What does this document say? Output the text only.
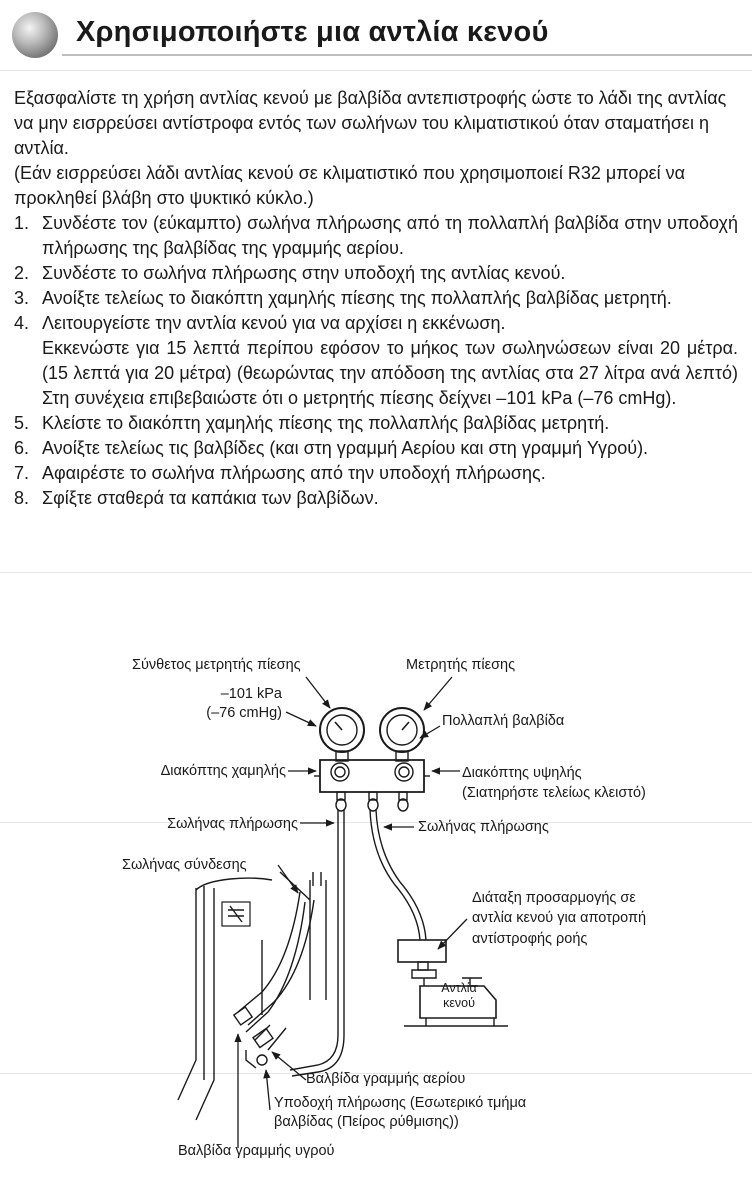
Χρησιμοποιήστε μια αντλία κενού

Εξασφαλίστε τη χρήση αντλίας κενού με βαλβίδα αντεπιστροφής ώστε το λάδι της αντλίας να μην εισρρεύσει αντίστροφα εντός των σωλήνων του κλιματιστικού όταν σταματήσει η αντλία.

(Εάν εισρρεύσει λάδι αντλίας κενού σε κλιματιστικό που χρησιμοποιεί R32 μπορεί να προκληθεί βλάβη στο ψυκτικό κύκλο.)

1. Συνδέστε τον (εύκαμπτο) σωλήνα πλήρωσης από τη πολλαπλή βαλβίδα στην υποδοχή πλήρωσης της βαλβίδας της γραμμής αερίου.
2. Συνδέστε το σωλήνα πλήρωσης στην υποδοχή της αντλίας κενού.
3. Ανοίξτε τελείως το διακόπτη χαμηλής πίεσης της πολλαπλής βαλβίδας μετρητή.
4. Λειτουργείστε την αντλία κενού για να αρχίσει η εκκένωση.
Εκκενώστε για 15 λεπτά περίπου εφόσον το μήκος των σωληνώσεων είναι 20 μέτρα. (15 λεπτά για 20 μέτρα) (θεωρώντας την απόδοση της αντλίας στα 27 λίτρα ανά λεπτό) Στη συνέχεια επιβεβαιώστε ότι ο μετρητής πίεσης δείχνει –101 kPa (–76 cmHg).
5. Κλείστε το διακόπτη χαμηλής πίεσης της πολλαπλής βαλβίδας μετρητή.
6. Ανοίξτε τελείως τις βαλβίδες (και στη γραμμή Αερίου και στη γραμμή Υγρού).
7. Αφαιρέστε το σωλήνα πλήρωσης από την υποδοχή πλήρωσης.
8. Σφίξτε σταθερά τα καπάκια των βαλβίδων.
Σύνθετος μετρητής πίεσης	Μετρητής πίεσης
–101 kPa
(–76 cmHg)	Πολλαπλή βαλβίδα
Διακόπτης χαμηλής	Διακόπτης υψηλής
(Σιατηρήστε τελείως κλειστό)
Σωλήνας πλήρωσης	Σωλήνας πλήρωσης
Σωλήνας σύνδεσης
Διάταξη προσαρμογής σε
αντλία κενού για αποτροπή
αντίστροφής ροής
Αντλία
κενού
Βαλβίδα γραμμής αερίου
Υποδοχή πλήρωσης (Εσωτερικό τμήμα
βαλβίδας (Πείρος ρύθμισης))
Βαλβίδα γραμμής υγρού
